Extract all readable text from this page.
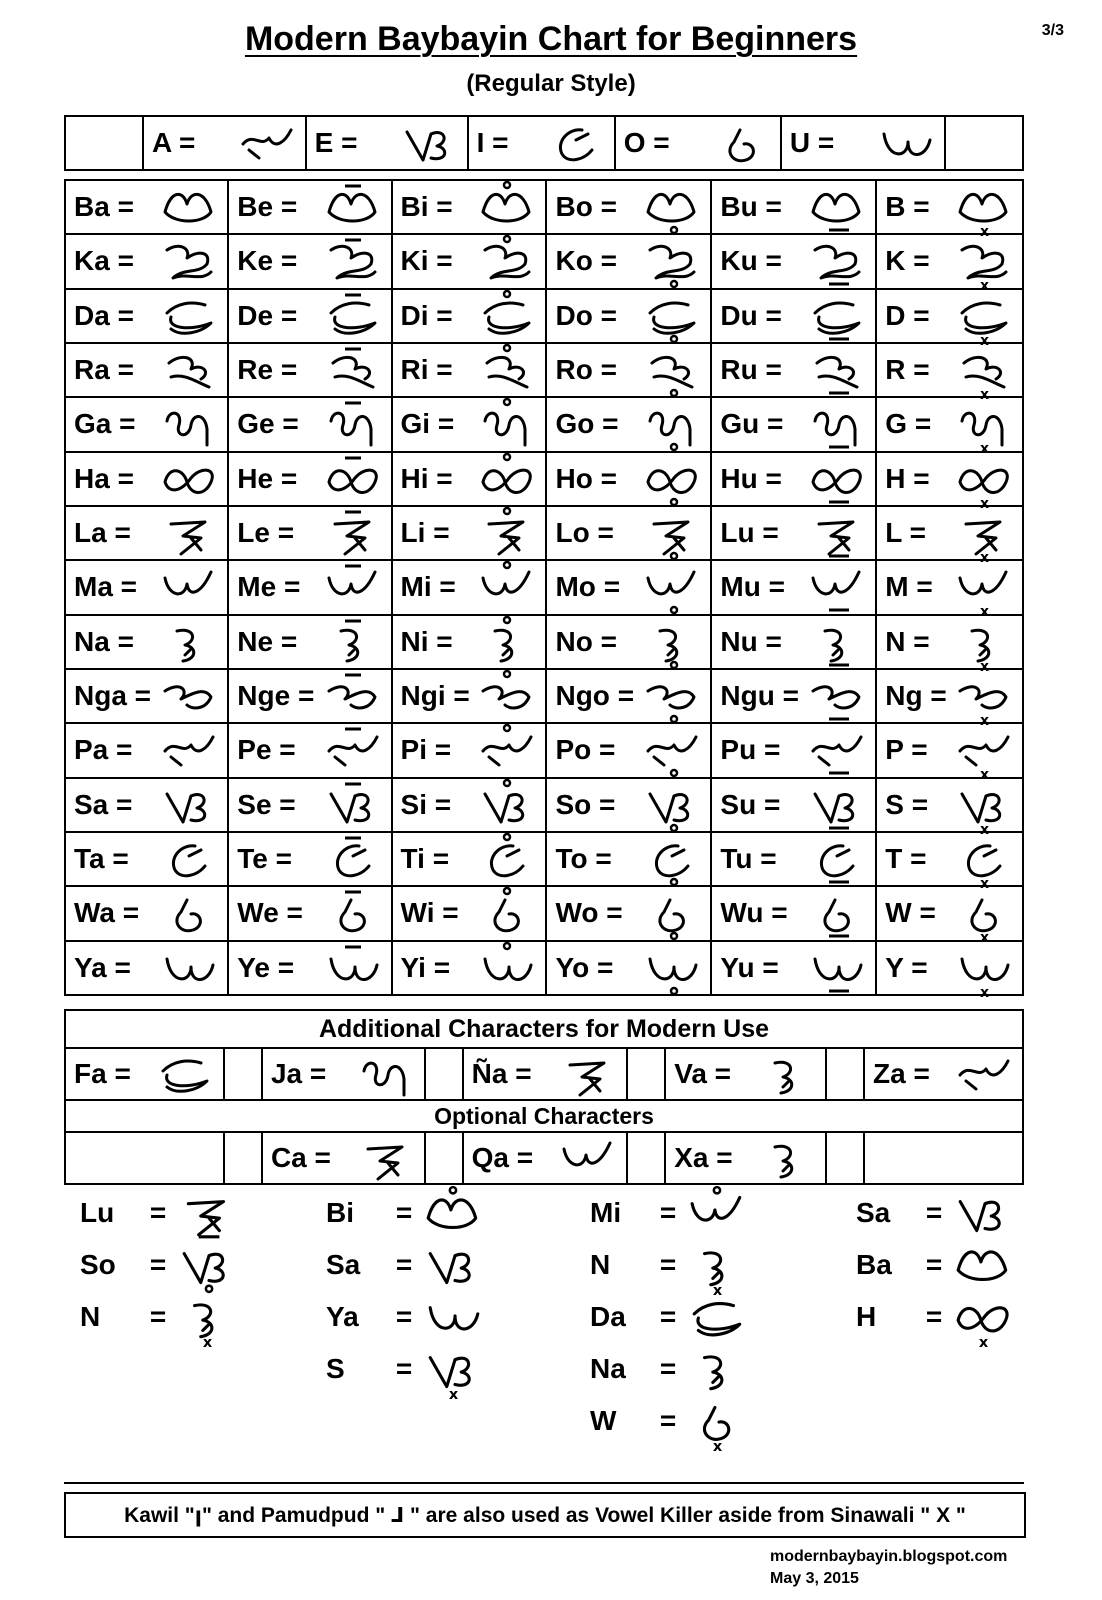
3/3
Modern Baybayin Chart for Beginners
(Regular Style)

A =	E =	I =	O =	U =

Ba =	Be =	Bi =	Bo =	Bu =	B =
x

Ka =	Ke =	Ki =	Ko =	Ku =	K =
x

Da =	De =	Di =	Do =	Du =	D =
x

Ra =	Re =	Ri =	Ro =	Ru =	R =
x

Ga =	Ge =	Gi =	Go =	Gu =	G =
x

Ha =	He =	Hi =	Ho =	Hu =	H =
x

La =	Le =	Li =	Lo =	Lu =	L =
x

Ma =	Me =	Mi =	Mo =	Mu =	M =
x

Na =	Ne =	Ni =	No =	Nu =	N =
x

Nga =	Nge =	Ngi =	Ngo =	Ngu =	Ng =
x

Pa =	Pe =	Pi =	Po =	Pu =	P =
x

Sa =	Se =	Si =	So =	Su =	S =
x

Ta =	Te =	Ti =	To =	Tu =	T =
x

Wa =	We =	Wi =	Wo =	Wu =	W =
x

Ya =	Ye =	Yi =	Yo =	Yu =	Y =
x
Additional Characters for Modern Use								

Fa =		Ja =		Ña =		Va =		Za =

Optional Characters								

		Ca =		Qa =		Xa =		

Lu	=
So	=
N	=
x
Bi	=
Sa	=
Ya	=
S	=
x
Mi	=
N	=
x
Da	=
Na	=
W	=
x
Sa	=
Ba	=
H	=
x
Kawil "ꞁ" and Pamudpud " ᒧ " are also used as Vowel Killer aside from Sinawali " X "
modernbaybayin.blogspot.com
May 3, 2015
